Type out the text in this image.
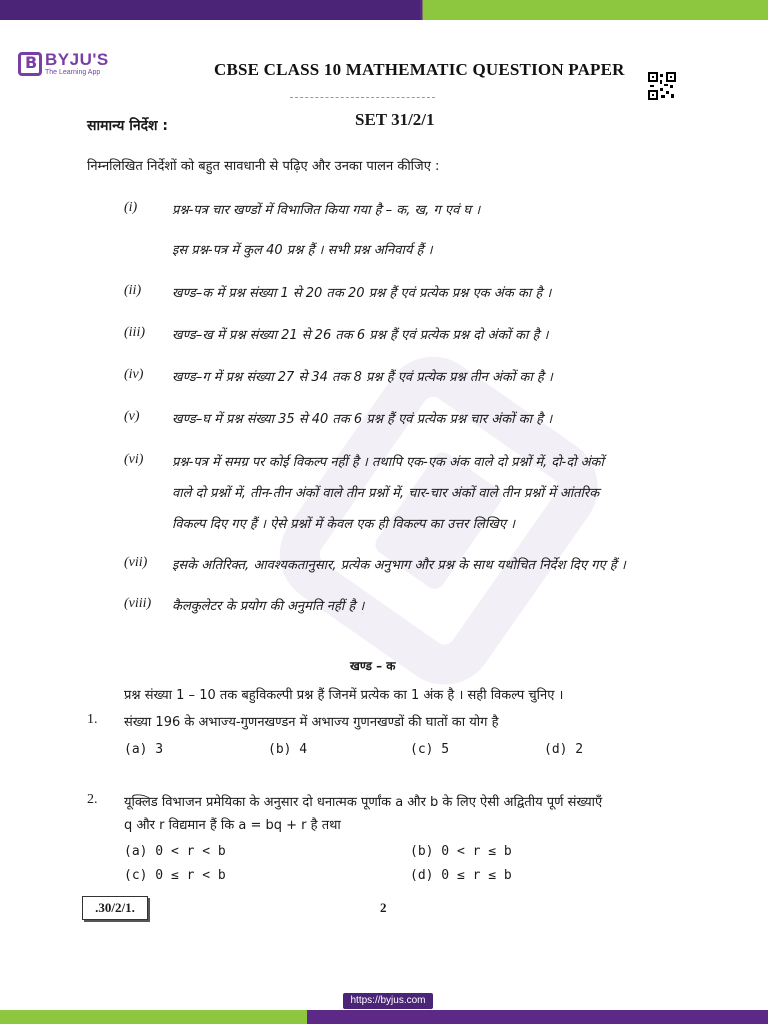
B
BYJU'S
The Learning App	CBSE CLASS 10 MATHEMATIC QUESTION PAPER
सामान्य निर्देश :	SET 31/2/1
निम्नलिखित निर्देशों को बहुत सावधानी से पढ़िए और उनका पालन कीजिए :
(i)	प्रश्न-पत्र चार खण्डों में विभाजित किया गया है – क, ख, ग एवं घ ।
इस प्रश्न-पत्र में कुल 40 प्रश्न हैं । सभी प्रश्न अनिवार्य हैं ।
(ii) खण्ड–क में प्रश्न संख्या 1 से 20 तक 20 प्रश्न हैं एवं प्रत्येक प्रश्न एक अंक का है ।
(iii) खण्ड–ख में प्रश्न संख्या 21 से 26 तक 6 प्रश्न हैं एवं प्रत्येक प्रश्न दो अंकों का है ।
(iv) खण्ड–ग में प्रश्न संख्या 27 से 34 तक 8 प्रश्न हैं एवं प्रत्येक प्रश्न तीन अंकों का है ।
(v) खण्ड–घ में प्रश्न संख्या 35 से 40 तक 6 प्रश्न हैं एवं प्रत्येक प्रश्न चार अंकों का है ।
(vi) प्रश्न-पत्र में समग्र पर कोई विकल्प नहीं है । तथापि एक-एक अंक वाले दो प्रश्नों में, दो-दो अंकों
वाले दो प्रश्नों में, तीन-तीन अंकों वाले तीन प्रश्नों में, चार-चार अंकों वाले तीन प्रश्नों में आंतरिक
विकल्प दिए गए हैं । ऐसे प्रश्नों में केवल एक ही विकल्प का उत्तर लिखिए ।
(vii) इसके अतिरिक्त, आवश्यकतानुसार, प्रत्येक अनुभाग और प्रश्न के साथ यथोचित निर्देश दिए गए हैं ।
(viii) कैलकुलेटर के प्रयोग की अनुमति नहीं है ।
खण्ड – क
प्रश्न संख्या 1 – 10 तक बहुविकल्पी प्रश्न हैं जिनमें प्रत्येक का 1 अंक है । सही विकल्प चुनिए ।
1. संख्या 196 के अभाज्य-गुणनखण्डन में अभाज्य गुणनखण्डों की घातों का योग है
(a) 3	(b) 4	(c) 5	(d) 2
2. यूक्लिड विभाजन प्रमेयिका के अनुसार दो धनात्मक पूर्णांक a और b के लिए ऐसी अद्वितीय पूर्ण संख्याएँ
q और r विद्यमान हैं कि a = bq + r है तथा
(a) 0 < r < b	(b) 0 < r ≤ b
(c) 0 ≤ r < b	(d) 0 ≤ r ≤ b
.30/2/1.	2
https://byjus.com
